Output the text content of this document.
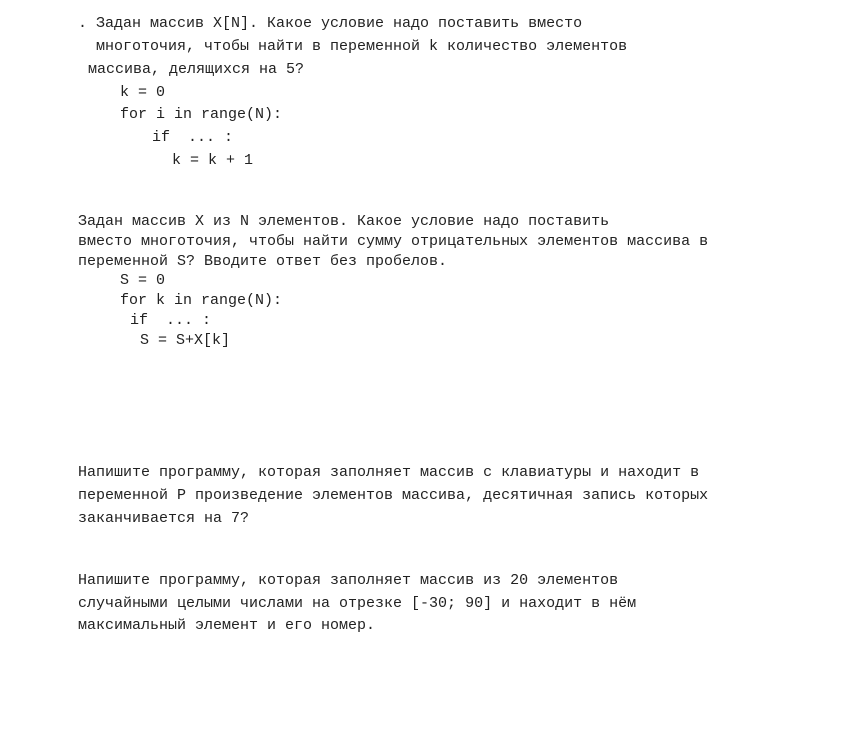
. Задан массив X[N]. Какое условие надо поставить вместо
многоточия, чтобы найти в переменной k количество элементов
массива, делящихся на 5?
k = 0
for i in range(N):
if  ... :
k = k + 1
Задан массив X из N элементов. Какое условие надо поставить
вместо многоточия, чтобы найти сумму отрицательных элементов массива в
переменной S? Вводите ответ без пробелов.
S = 0
for k in range(N):
if  ... :
S = S+X[k]
Напишите программу, которая заполняет массив с клавиатуры и находит в
переменной P произведение элементов массива, десятичная запись которых
заканчивается на 7?
Напишите программу, которая заполняет массив из 20 элементов
случайными целыми числами на отрезке [-30; 90] и находит в нём
максимальный элемент и его номер.
